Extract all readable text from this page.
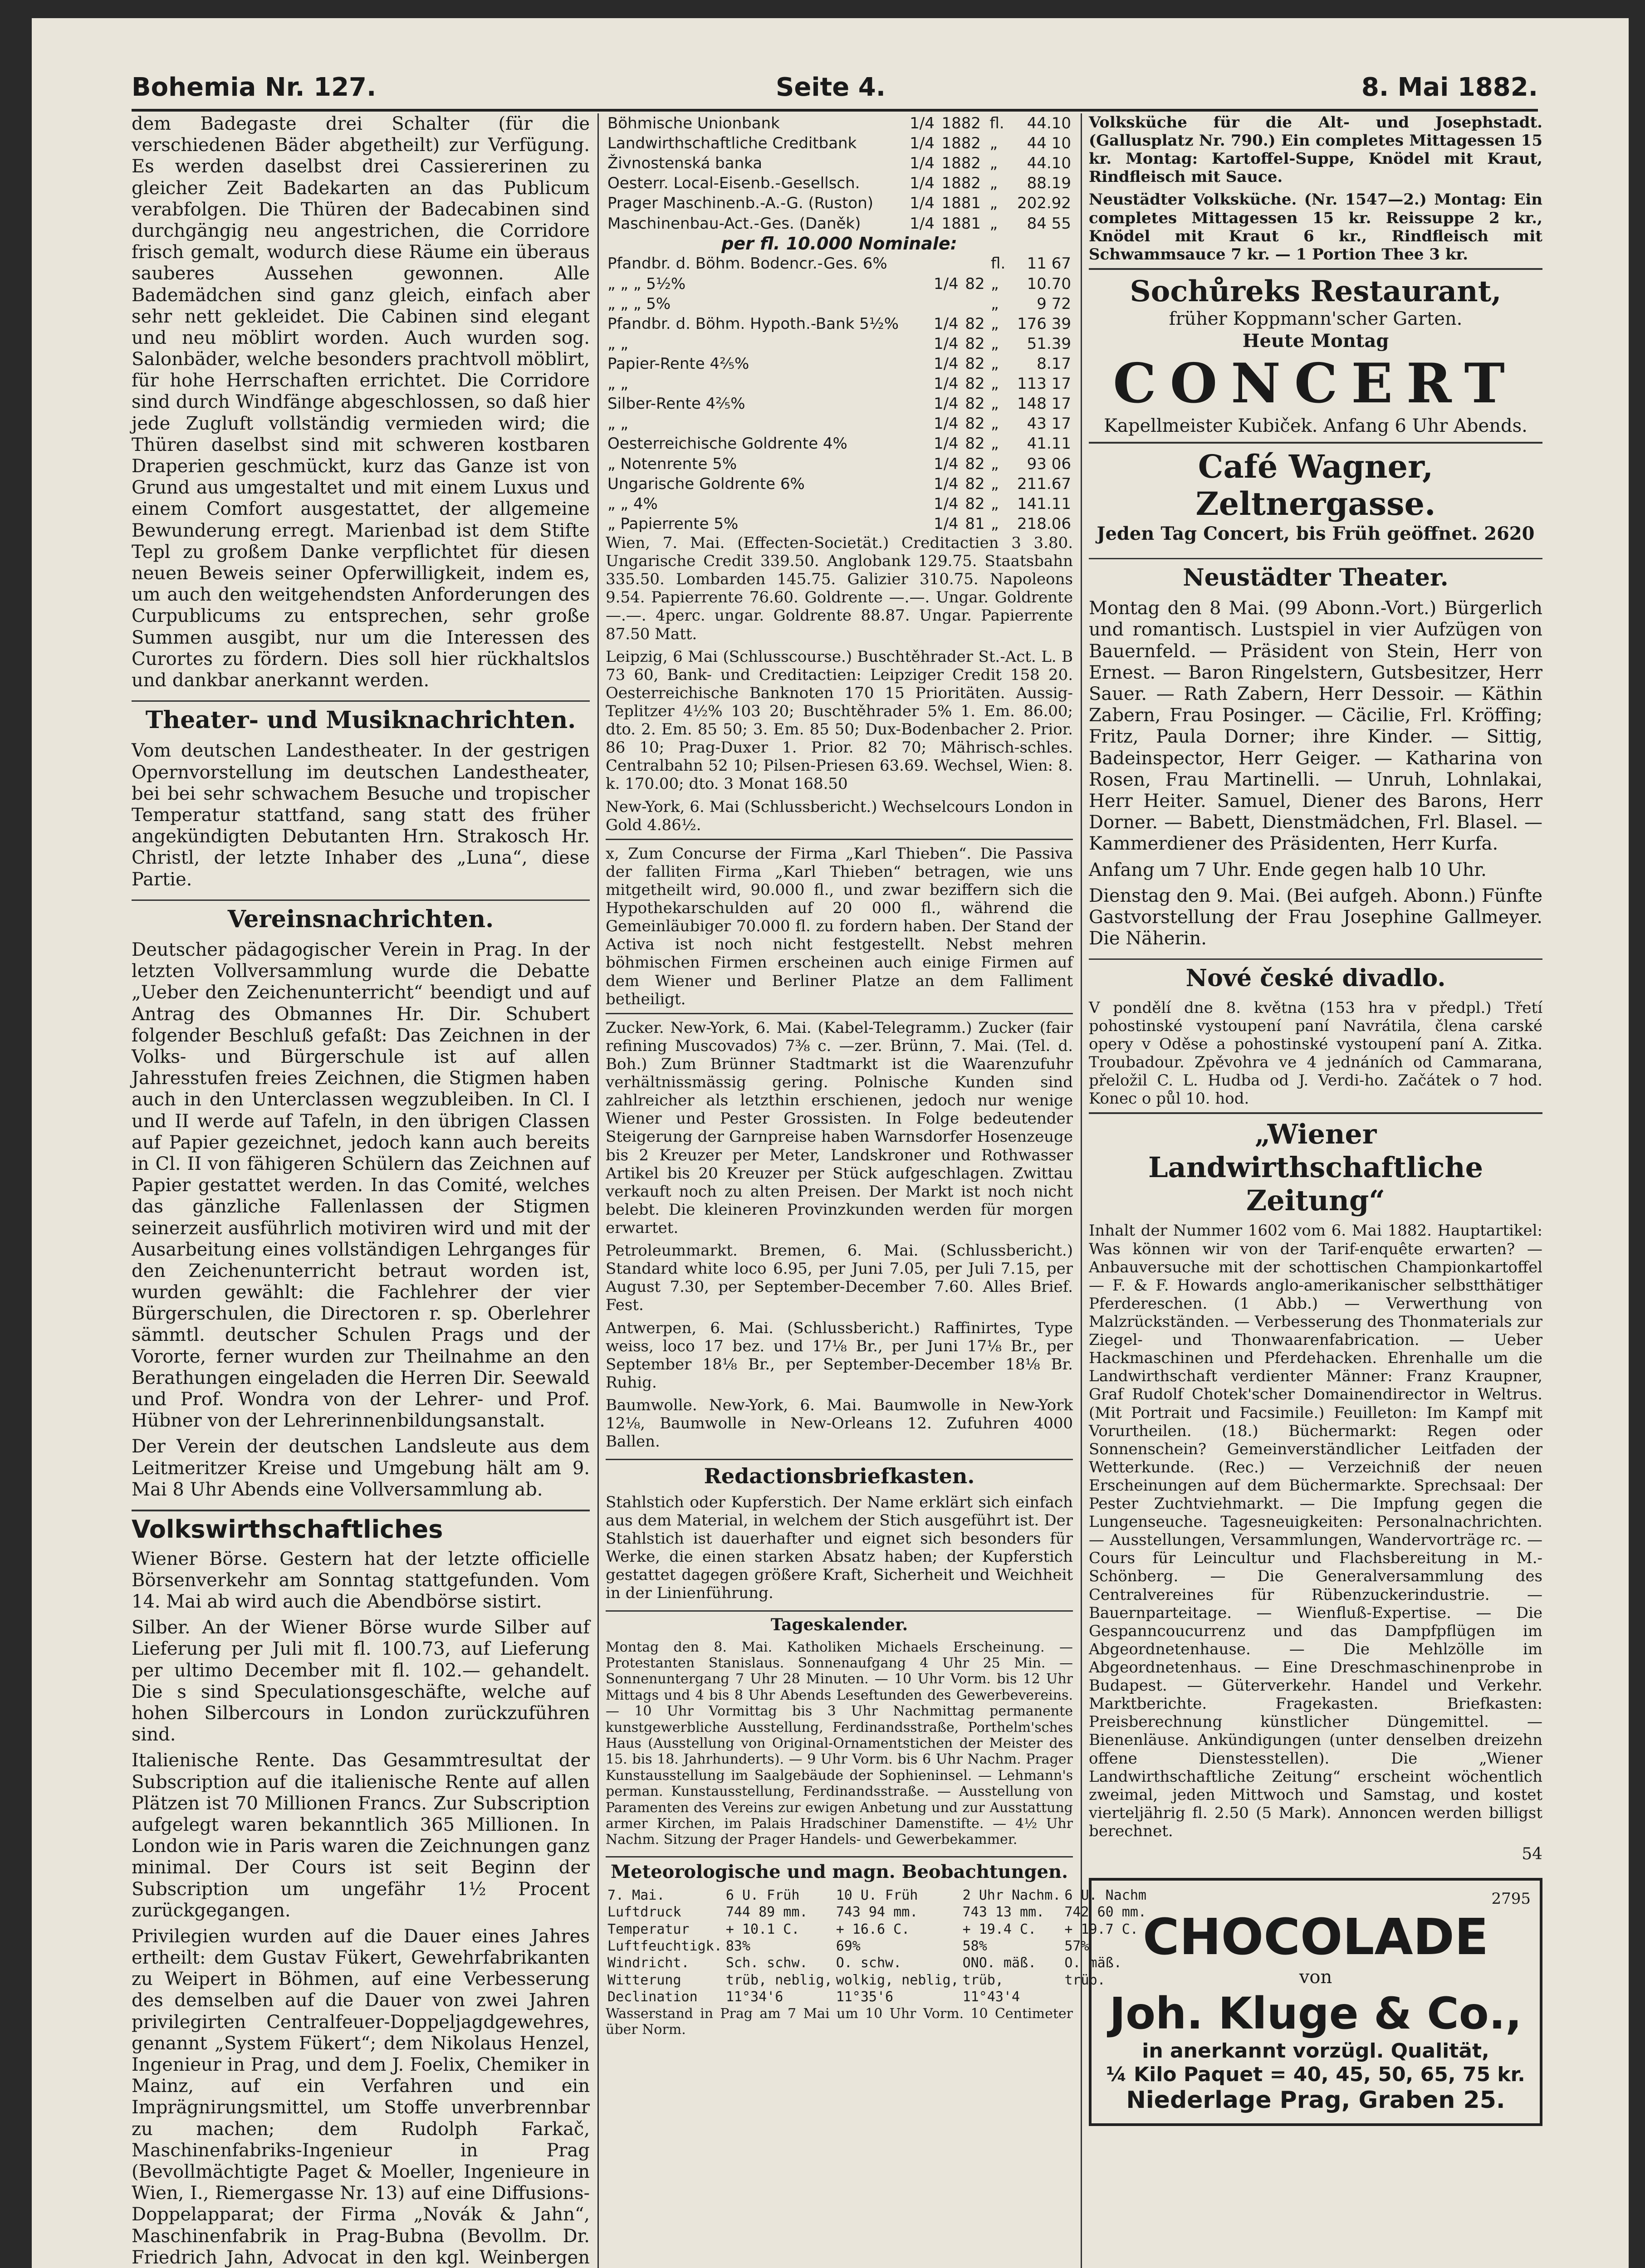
Bohemia Nr. 127.	Seite 4.	8. Mai 1882.

dem Badegaste drei Schalter (für die verschiedenen Bäder abgetheilt) zur Verfügung. Es werden daselbst drei Cassiererinen zu gleicher Zeit Badekarten an das Publicum verabfolgen. Die Thüren der Badecabinen sind durchgängig neu angestrichen, die Corridore frisch gemalt, wodurch diese Räume ein überaus sauberes Aussehen gewonnen. Alle Bademädchen sind ganz gleich, einfach aber sehr nett gekleidet. Die Cabinen sind elegant und neu möblirt worden. Auch wurden sog. Salonbäder, welche besonders prachtvoll möblirt, für hohe Herrschaften errichtet. Die Corridore sind durch Windfänge abgeschlossen, so daß hier jede Zugluft vollständig vermieden wird; die Thüren daselbst sind mit schweren kostbaren Draperien geschmückt, kurz das Ganze ist von Grund aus umgestaltet und mit einem Luxus und einem Comfort ausgestattet, der allgemeine Bewunderung erregt. Marienbad ist dem Stifte Tepl zu großem Danke verpflichtet für diesen neuen Beweis seiner Opferwilligkeit, indem es, um auch den weitgehendsten Anforderungen des Curpublicums zu entsprechen, sehr große Summen ausgibt, nur um die Interessen des Curortes zu fördern. Dies soll hier rückhaltslos und dankbar anerkannt werden.

Theater- und Musiknachrichten.

Vom deutschen Landestheater. In der gestrigen Opernvorstellung im deutschen Landestheater, bei bei sehr schwachem Besuche und tropischer Temperatur stattfand, sang statt des früher angekündigten Debutanten Hrn. Strakosch Hr. Christl, der letzte Inhaber des „Luna“, diese Partie.

Vereinsnachrichten.

Deutscher pädagogischer Verein in Prag. In der letzten Vollversammlung wurde die Debatte „Ueber den Zeichenunterricht“ beendigt und auf Antrag des Obmannes Hr. Dir. Schubert folgender Beschluß gefaßt: Das Zeichnen in der Volks- und Bürgerschule ist auf allen Jahresstufen freies Zeichnen, die Stigmen haben auch in den Unterclassen wegzubleiben. In Cl. I und II werde auf Tafeln, in den übrigen Classen auf Papier gezeichnet, jedoch kann auch bereits in Cl. II von fähigeren Schülern das Zeichnen auf Papier gestattet werden. In das Comité, welches das gänzliche Fallenlassen der Stigmen seinerzeit ausführlich motiviren wird und mit der Ausarbeitung eines vollständigen Lehrganges für den Zeichenunterricht betraut worden ist, wurden gewählt: die Fachlehrer der vier Bürgerschulen, die Directoren r. sp. Oberlehrer sämmtl. deutscher Schulen Prags und der Vororte, ferner wurden zur Theilnahme an den Berathungen eingeladen die Herren Dir. Seewald und Prof. Wondra von der Lehrer- und Prof. Hübner von der Lehrerinnenbildungsanstalt.

Der Verein der deutschen Landsleute aus dem Leitmeritzer Kreise und Umgebung hält am 9. Mai 8 Uhr Abends eine Vollversammlung ab.

Volkswirthschaftliches

Wiener Börse. Gestern hat der letzte officielle Börsenverkehr am Sonntag stattgefunden. Vom 14. Mai ab wird auch die Abendbörse sistirt.

Silber. An der Wiener Börse wurde Silber auf Lieferung per Juli mit fl. 100.73, auf Lieferung per ultimo December mit fl. 102.— gehandelt. Die s sind Speculationsgeschäfte, welche auf hohen Silbercours in London zurückzuführen sind.

Italienische Rente. Das Gesammtresultat der Subscription auf die italienische Rente auf allen Plätzen ist 70 Millionen Francs. Zur Subscription aufgelegt waren bekanntlich 365 Millionen. In London wie in Paris waren die Zeichnungen ganz minimal. Der Cours ist seit Beginn der Subscription um ungefähr 1½ Procent zurückgegangen.

Privilegien wurden auf die Dauer eines Jahres ertheilt: dem Gustav Fükert, Gewehrfabrikanten zu Weipert in Böhmen, auf eine Verbesserung des demselben auf die Dauer von zwei Jahren privilegirten Centralfeuer-Doppeljagdgewehres, genannt „System Fükert“; dem Nikolaus Henzel, Ingenieur in Prag, und dem J. Foelix, Chemiker in Mainz, auf ein Verfahren und ein Imprägnirungsmittel, um Stoffe unverbrennbar zu machen; dem Rudolph Farkač, Maschinenfabriks-Ingenieur in Prag (Bevollmächtigte Paget & Moeller, Ingenieure in Wien, I., Riemergasse Nr. 13) auf eine Diffusions-Doppelapparat; der Firma „Novák & Jahn“, Maschinenfabrik in Prag-Bubna (Bevollm. Dr. Friedrich Jahn, Advocat in den kgl. Weinbergen

Böhmische Unionbank	1/4	1882	fl.	44.10
Landwirthschaftliche Creditbank	1/4	1882	„	44 10
Živnostenská banka	1/4	1882	„	44.10
Oesterr. Local-Eisenb.-Gesellsch.	1/4	1882	„	88.19
Prager Maschinenb.-A.-G. (Ruston)	1/4	1881	„	202.92
Maschinenbau-Act.-Ges. (Daněk)	1/4	1881	„	84 55
per fl. 10.000 Nominale:
Pfandbr. d. Böhm. Bodencr.-Ges. 6%			fl.	11 67
„ „ „ 5½%	1/4	82	„	10.70
„ „ „ 5%			„	9 72
Pfandbr. d. Böhm. Hypoth.-Bank 5½%	1/4	82	„	176 39
„ „	1/4	82	„	51.39
Papier-Rente 4⅖%	1/4	82	„	8.17
„ „	1/4	82	„	113 17
Silber-Rente 4⅖%	1/4	82	„	148 17
„ „	1/4	82	„	43 17
Oesterreichische Goldrente 4%	1/4	82	„	41.11
„ Notenrente 5%	1/4	82	„	93 06
Ungarische Goldrente 6%	1/4	82	„	211.67
„ „ 4%	1/4	82	„	141.11
„ Papierrente 5%	1/4	81	„	218.06

Wien, 7. Mai. (Effecten-Societät.) Creditactien 3 3.80. Ungarische Credit 339.50. Anglobank 129.75. Staatsbahn 335.50. Lombarden 145.75. Galizier 310.75. Napoleons 9.54. Papierrente 76.60. Goldrente —.—. Ungar. Goldrente —.—. 4perc. ungar. Goldrente 88.87. Ungar. Papierrente 87.50 Matt.

Leipzig, 6 Mai (Schlusscourse.) Buschtěhrader St.-Act. L. B 73 60, Bank- und Creditactien: Leipziger Credit 158 20. Oesterreichische Banknoten 170 15 Prioritäten. Aussig-Teplitzer 4½% 103 20; Buschtěhrader 5% 1. Em. 86.00; dto. 2. Em. 85 50; 3. Em. 85 50; Dux-Bodenbacher 2. Prior. 86 10; Prag-Duxer 1. Prior. 82 70; Mährisch-schles. Centralbahn 52 10; Pilsen-Priesen 63.69. Wechsel, Wien: 8. k. 170.00; dto. 3 Monat 168.50

New-York, 6. Mai (Schlussbericht.) Wechselcours London in Gold 4.86½.

x, Zum Concurse der Firma „Karl Thieben“. Die Passiva der falliten Firma „Karl Thieben“ betragen, wie uns mitgetheilt wird, 90.000 fl., und zwar beziffern sich die Hypothekarschulden auf 20 000 fl., während die Gemeinläubiger 70.000 fl. zu fordern haben. Der Stand der Activa ist noch nicht festgestellt. Nebst mehren böhmischen Firmen erscheinen auch einige Firmen auf dem Wiener und Berliner Platze an dem Falliment betheiligt.

Zucker. New-York, 6. Mai. (Kabel-Telegramm.) Zucker (fair refining Muscovados) 7⅜ c. —zer. Brünn, 7. Mai. (Tel. d. Boh.) Zum Brünner Stadtmarkt ist die Waarenzufuhr verhältnissmässig gering. Polnische Kunden sind zahlreicher als letzthin erschienen, jedoch nur wenige Wiener und Pester Grossisten. In Folge bedeutender Steigerung der Garnpreise haben Warnsdorfer Hosenzeuge bis 2 Kreuzer per Meter, Landskroner und Rothwasser Artikel bis 20 Kreuzer per Stück aufgeschlagen. Zwittau verkauft noch zu alten Preisen. Der Markt ist noch nicht belebt. Die kleineren Provinzkunden werden für morgen erwartet.

Petroleummarkt. Bremen, 6. Mai. (Schlussbericht.) Standard white loco 6.95, per Juni 7.05, per Juli 7.15, per August 7.30, per September-December 7.60. Alles Brief. Fest.

Antwerpen, 6. Mai. (Schlussbericht.) Raffinirtes, Type weiss, loco 17 bez. und 17⅛ Br., per Juni 17⅛ Br., per September 18⅛ Br., per September-December 18⅛ Br. Ruhig.

Baumwolle. New-York, 6. Mai. Baumwolle in New-York 12⅛, Baumwolle in New-Orleans 12. Zufuhren 4000 Ballen.

Redactionsbriefkasten.

Stahlstich oder Kupferstich. Der Name erklärt sich einfach aus dem Material, in welchem der Stich ausgeführt ist. Der Stahlstich ist dauerhafter und eignet sich besonders für Werke, die einen starken Absatz haben; der Kupferstich gestattet dagegen größere Kraft, Sicherheit und Weichheit in der Linienführung.

Tageskalender.

Montag den 8. Mai. Katholiken Michaels Erscheinung. — Protestanten Stanislaus. Sonnenaufgang 4 Uhr 25 Min. — Sonnenuntergang 7 Uhr 28 Minuten. — 10 Uhr Vorm. bis 12 Uhr Mittags und 4 bis 8 Uhr Abends Leseftunden des Gewerbevereins. — 10 Uhr Vormittag bis 3 Uhr Nachmittag permanente kunstgewerbliche Ausstellung, Ferdinandsstraße, Porthelm'sches Haus (Ausstellung von Original-Ornamentstichen der Meister des 15. bis 18. Jahrhunderts). — 9 Uhr Vorm. bis 6 Uhr Nachm. Prager Kunstausstellung im Saalgebäude der Sophieninsel. — Lehmann's perman. Kunstausstellung, Ferdinandsstraße. — Ausstellung von Paramenten des Vereins zur ewigen Anbetung und zur Ausstattung armer Kirchen, im Palais Hradschiner Damenstifte. — 4½ Uhr Nachm. Sitzung der Prager Handels- und Gewerbekammer.

Meteorologische und magn. Beobachtungen.
7. Mai.	6 U. Früh	10 U. Früh	2 Uhr Nachm.	6 U. Nachm
Luftdruck	744 89 mm.	743 94 mm.	743 13 mm.	742 60 mm.
Temperatur	+ 10.1 C.	+ 16.6 C.	+ 19.4 C.	+ 19.7 C.
Luftfeuchtigk.	83%	69%	58%	57%
Windricht.	Sch. schw.	O. schw.	ONO. mäß.	O. mäß.
Witterung	trüb, neblig,	wolkig, neblig,	trüb,	trüb.
Declination	11°34'6	11°35'6	11°43'4	

Wasserstand in Prag am 7 Mai um 10 Uhr Vorm. 10 Centimeter über Norm.

Volksküche für die Alt- und Josephstadt. (Gallusplatz Nr. 790.) Ein completes Mittagessen 15 kr. Montag: Kartoffel-Suppe, Knödel mit Kraut, Rindfleisch mit Sauce.

Neustädter Volksküche. (Nr. 1547—2.) Montag: Ein completes Mittagessen 15 kr. Reissuppe 2 kr., Knödel mit Kraut 6 kr., Rindfleisch mit Schwammsauce 7 kr. — 1 Portion Thee 3 kr.

Sochůreks Restaurant,
früher Koppmann'scher Garten.
Heute Montag
CONCERT
Kapellmeister Kubiček. Anfang 6 Uhr Abends.
Café Wagner, Zeltnergasse.
Jeden Tag Concert, bis Früh geöffnet. 2620
Neustädter Theater.

Montag den 8 Mai. (99 Abonn.-Vort.) Bürgerlich und romantisch. Lustspiel in vier Aufzügen von Bauernfeld. — Präsident von Stein, Herr von Ernest. — Baron Ringelstern, Gutsbesitzer, Herr Sauer. — Rath Zabern, Herr Dessoir. — Käthin Zabern, Frau Posinger. — Cäcilie, Frl. Kröffing; Fritz, Paula Dorner; ihre Kinder. — Sittig, Badeinspector, Herr Geiger. — Katharina von Rosen, Frau Martinelli. — Unruh, Lohnlakai, Herr Heiter. Samuel, Diener des Barons, Herr Dorner. — Babett, Dienstmädchen, Frl. Blasel. — Kammerdiener des Präsidenten, Herr Kurfa.

Anfang um 7 Uhr. Ende gegen halb 10 Uhr.

Dienstag den 9. Mai. (Bei aufgeh. Abonn.) Fünfte Gastvorstellung der Frau Josephine Gallmeyer. Die Näherin.

Nové české divadlo.

V pondělí dne 8. května (153 hra v předpl.) Třetí pohostinské vystoupení paní Navrátila, člena carské opery v Oděse a pohostinské vystoupení paní A. Zitka. Troubadour. Zpěvohra ve 4 jednáních od Cammarana, přeložil C. L. Hudba od J. Verdi-ho. Začátek o 7 hod. Konec o půl 10. hod.

„Wiener
Landwirthschaftliche Zeitung“

Inhalt der Nummer 1602 vom 6. Mai 1882. Hauptartikel: Was können wir von der Tarif-enquête erwarten? — Anbauversuche mit der schottischen Championkartoffel — F. & F. Howards anglo-amerikanischer selbstthätiger Pferdereschen. (1 Abb.) — Verwerthung von Malzrückständen. — Verbesserung des Thonmaterials zur Ziegel- und Thonwaarenfabrication. — Ueber Hackmaschinen und Pferdehacken. Ehrenhalle um die Landwirthschaft verdienter Männer: Franz Kraupner, Graf Rudolf Chotek'scher Domainendirector in Weltrus. (Mit Portrait und Facsimile.) Feuilleton: Im Kampf mit Vorurtheilen. (18.) Büchermarkt: Regen oder Sonnenschein? Gemeinverständlicher Leitfaden der Wetterkunde. (Rec.) — Verzeichniß der neuen Erscheinungen auf dem Büchermarkte. Sprechsaal: Der Pester Zuchtviehmarkt. — Die Impfung gegen die Lungenseuche. Tagesneuigkeiten: Personalnachrichten. — Ausstellungen, Versammlungen, Wandervorträge rc. — Cours für Leincultur und Flachsbereitung in M.-Schönberg. — Die Generalversammlung des Centralvereines für Rübenzuckerindustrie. — Bauernparteitage. — Wienfluß-Expertise. — Die Gespanncoucurrenz und das Dampfpflügen im Abgeordnetenhause. — Die Mehlzölle im Abgeordnetenhaus. — Eine Dreschmaschinenprobe in Budapest. — Güterverkehr. Handel und Verkehr. Marktberichte. Fragekasten. Briefkasten: Preisberechnung künstlicher Düngemittel. — Bienenläuse. Ankündigungen (unter denselben dreizehn offene Dienstesstellen). Die „Wiener Landwirthschaftliche Zeitung“ erscheint wöchentlich zweimal, jeden Mittwoch und Samstag, und kostet vierteljährig fl. 2.50 (5 Mark). Annoncen werden billigst berechnet.

54
2795
CHOCOLADE
von
Joh. Kluge & Co.,
in anerkannt vorzügl. Qualität,
¼ Kilo Paquet = 40, 45, 50, 65, 75 kr.
Niederlage Prag, Graben 25.
